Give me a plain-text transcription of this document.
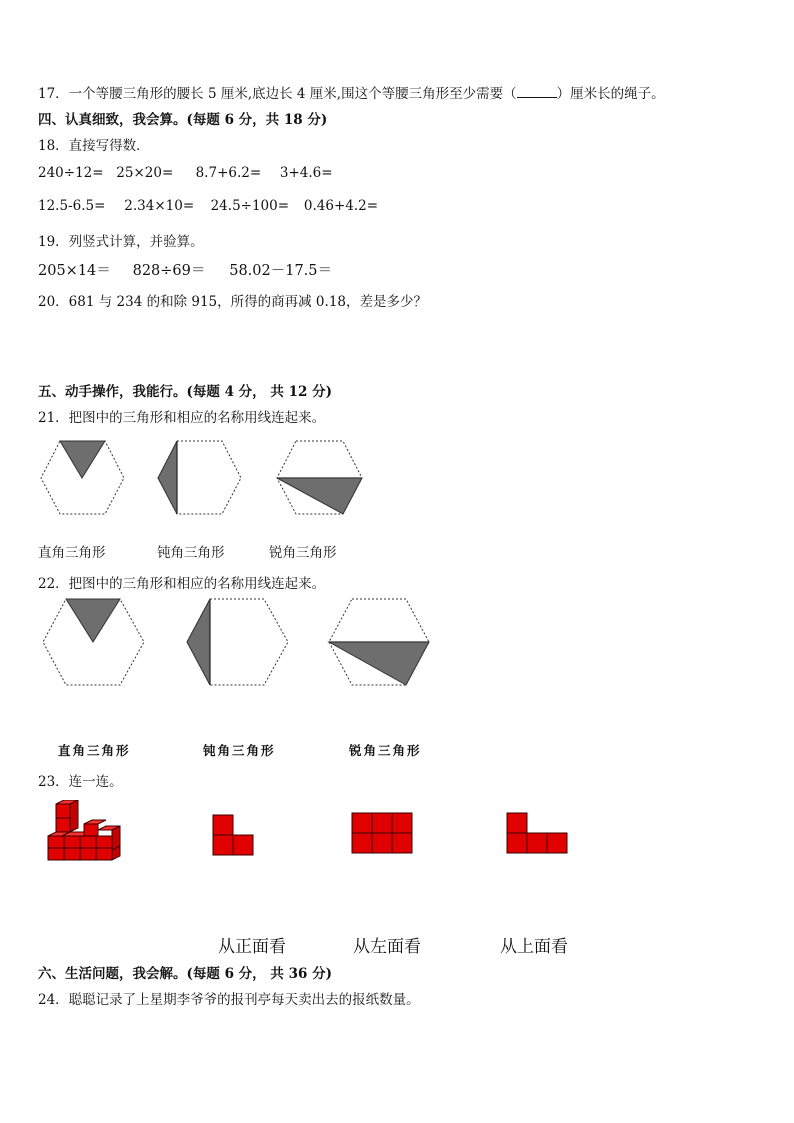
17．一个等腰三角形的腰长 5 厘米,底边长 4 厘米,围这个等腰三角形至少需要（	）厘米长的绳子。
四、认真细致，我会算。(每题 6 分，共 18 分)
18．直接写得数．
240÷12= 25×20= 8.7+6.2= 3+4.6=
12.5-6.5= 2.34×10= 24.5÷100= 0.46+4.2=
19．列竖式计算，并验算。
205×14＝ 828÷69＝ 58.02－17.5＝
20．681 与 234 的和除 915，所得的商再减 0.18，差是多少？
五、动手操作，我能行。(每题 4 分， 共 12 分)
21．把图中的三角形和相应的名称用线连起来。
直角三角形	钝角三角形	锐角三角形
22．把图中的三角形和相应的名称用线连起来。
直角三角形	钝角三角形	锐角三角形
23．连一连。
从正面看	从左面看	从上面看
六、生活问题，我会解。(每题 6 分， 共 36 分)
24．聪聪记录了上星期李爷爷的报刊亭每天卖出去的报纸数量。
